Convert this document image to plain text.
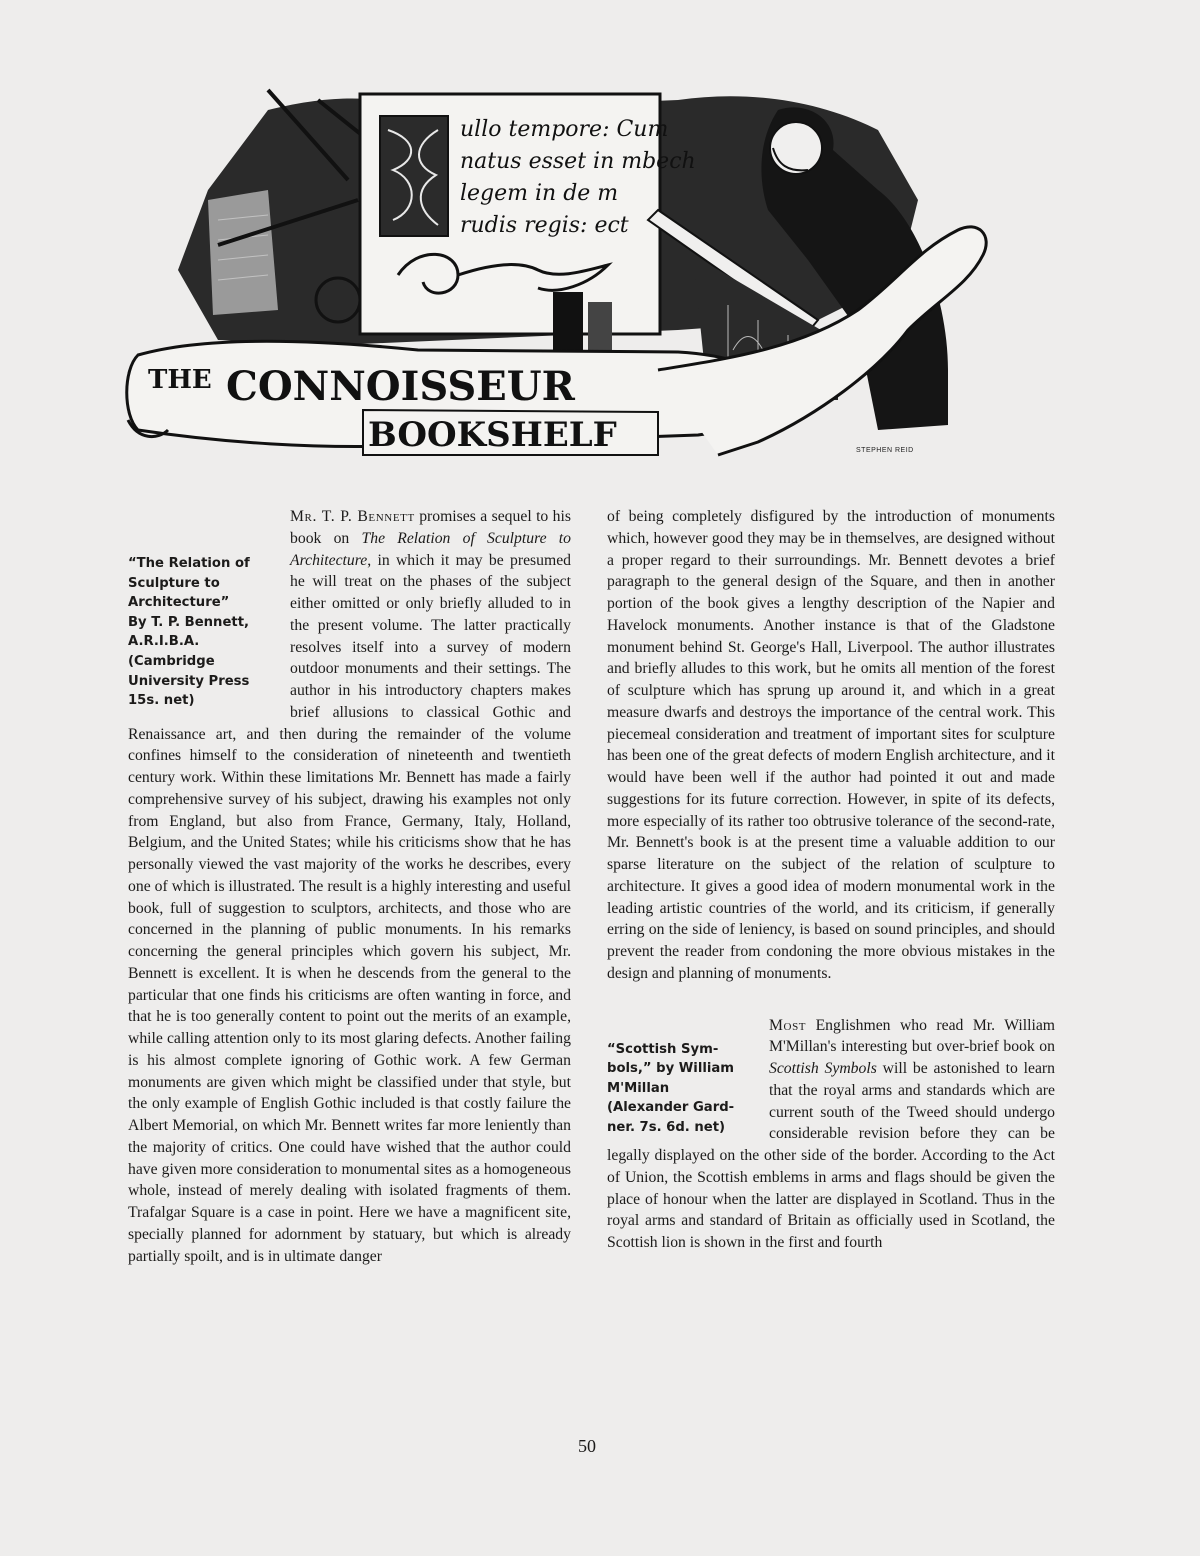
ullo tempore: Cum
natus esset in mbech
legem in de m
rudis regis: ect
THE CONNOISSEUR
BOOKSHELF	STEPHEN REID

“The Relation of
Sculpture to
Architecture”
By T. P. Bennett,
A.R.I.B.A.
(Cambridge
University Press
15s. net)
Mr. T. P. Bennett promises a sequel to his book on The Relation of Sculpture to Architecture, in which it may be presumed he will treat on the phases of the subject either omitted or only briefly alluded to in the present volume. The latter practically resolves itself into a survey of modern outdoor monuments and their settings. The author in his introductory chapters makes brief allusions to classical Gothic and Renaissance art, and then during the remainder of the volume confines himself to the consideration of nineteenth and twentieth century work. Within these limitations Mr. Bennett has made a fairly comprehensive survey of his subject, drawing his examples not only from England, but also from France, Germany, Italy, Holland, Belgium, and the United States; while his criticisms show that he has personally viewed the vast majority of the works he describes, every one of which is illustrated. The result is a highly interesting and useful book, full of suggestion to sculptors, architects, and those who are concerned in the planning of public monuments. In his remarks concerning the general principles which govern his subject, Mr. Bennett is excellent. It is when he descends from the general to the particular that one finds his criticisms are often wanting in force, and that he is too generally content to point out the merits of an example, while calling attention only to its most glaring defects. Another failing is his almost complete ignoring of Gothic work. A few German monuments are given which might be classified under that style, but the only example of English Gothic included is that costly failure the Albert Memorial, on which Mr. Bennett writes far more leniently than the majority of critics. One could have wished that the author could have given more consideration to monumental sites as a homogeneous whole, instead of merely dealing with isolated fragments of them. Trafalgar Square is a case in point. Here we have a magnificent site, specially planned for adornment by statuary, but which is already partially spoilt, and is in ultimate danger

of being completely disfigured by the introduction of monuments which, however good they may be in themselves, are designed without a proper regard to their surroundings. Mr. Bennett devotes a brief paragraph to the general design of the Square, and then in another portion of the book gives a lengthy description of the Napier and Havelock monuments. Another instance is that of the Gladstone monument behind St. George's Hall, Liverpool. The author illustrates and briefly alludes to this work, but he omits all mention of the forest of sculpture which has sprung up around it, and which in a great measure dwarfs and destroys the importance of the central work. This piecemeal consideration and treatment of important sites for sculpture has been one of the great defects of modern English architecture, and it would have been well if the author had pointed it out and made suggestions for its future correction. However, in spite of its defects, more especially of its rather too obtrusive tolerance of the second-rate, Mr. Bennett's book is at the present time a valuable addition to our sparse literature on the subject of the relation of sculpture to architecture. It gives a good idea of modern monumental work in the leading artistic countries of the world, and its criticism, if generally erring on the side of leniency, is based on sound principles, and should prevent the reader from condoning the more obvious mistakes in the design and planning of monuments.

“Scottish Sym-
bols,” by William
M'Millan
(Alexander Gard-
ner. 7s. 6d. net)
Most Englishmen who read Mr. William M'Millan's interesting but over-brief book on Scottish Symbols will be astonished to learn that the royal arms and standards which are current south of the Tweed should undergo considerable revision before they can be legally displayed on the other side of the border. According to the Act of Union, the Scottish emblems in arms and flags should be given the place of honour when the latter are displayed in Scotland. Thus in the royal arms and standard of Britain as officially used in Scotland, the Scottish lion is shown in the first and fourth

50
